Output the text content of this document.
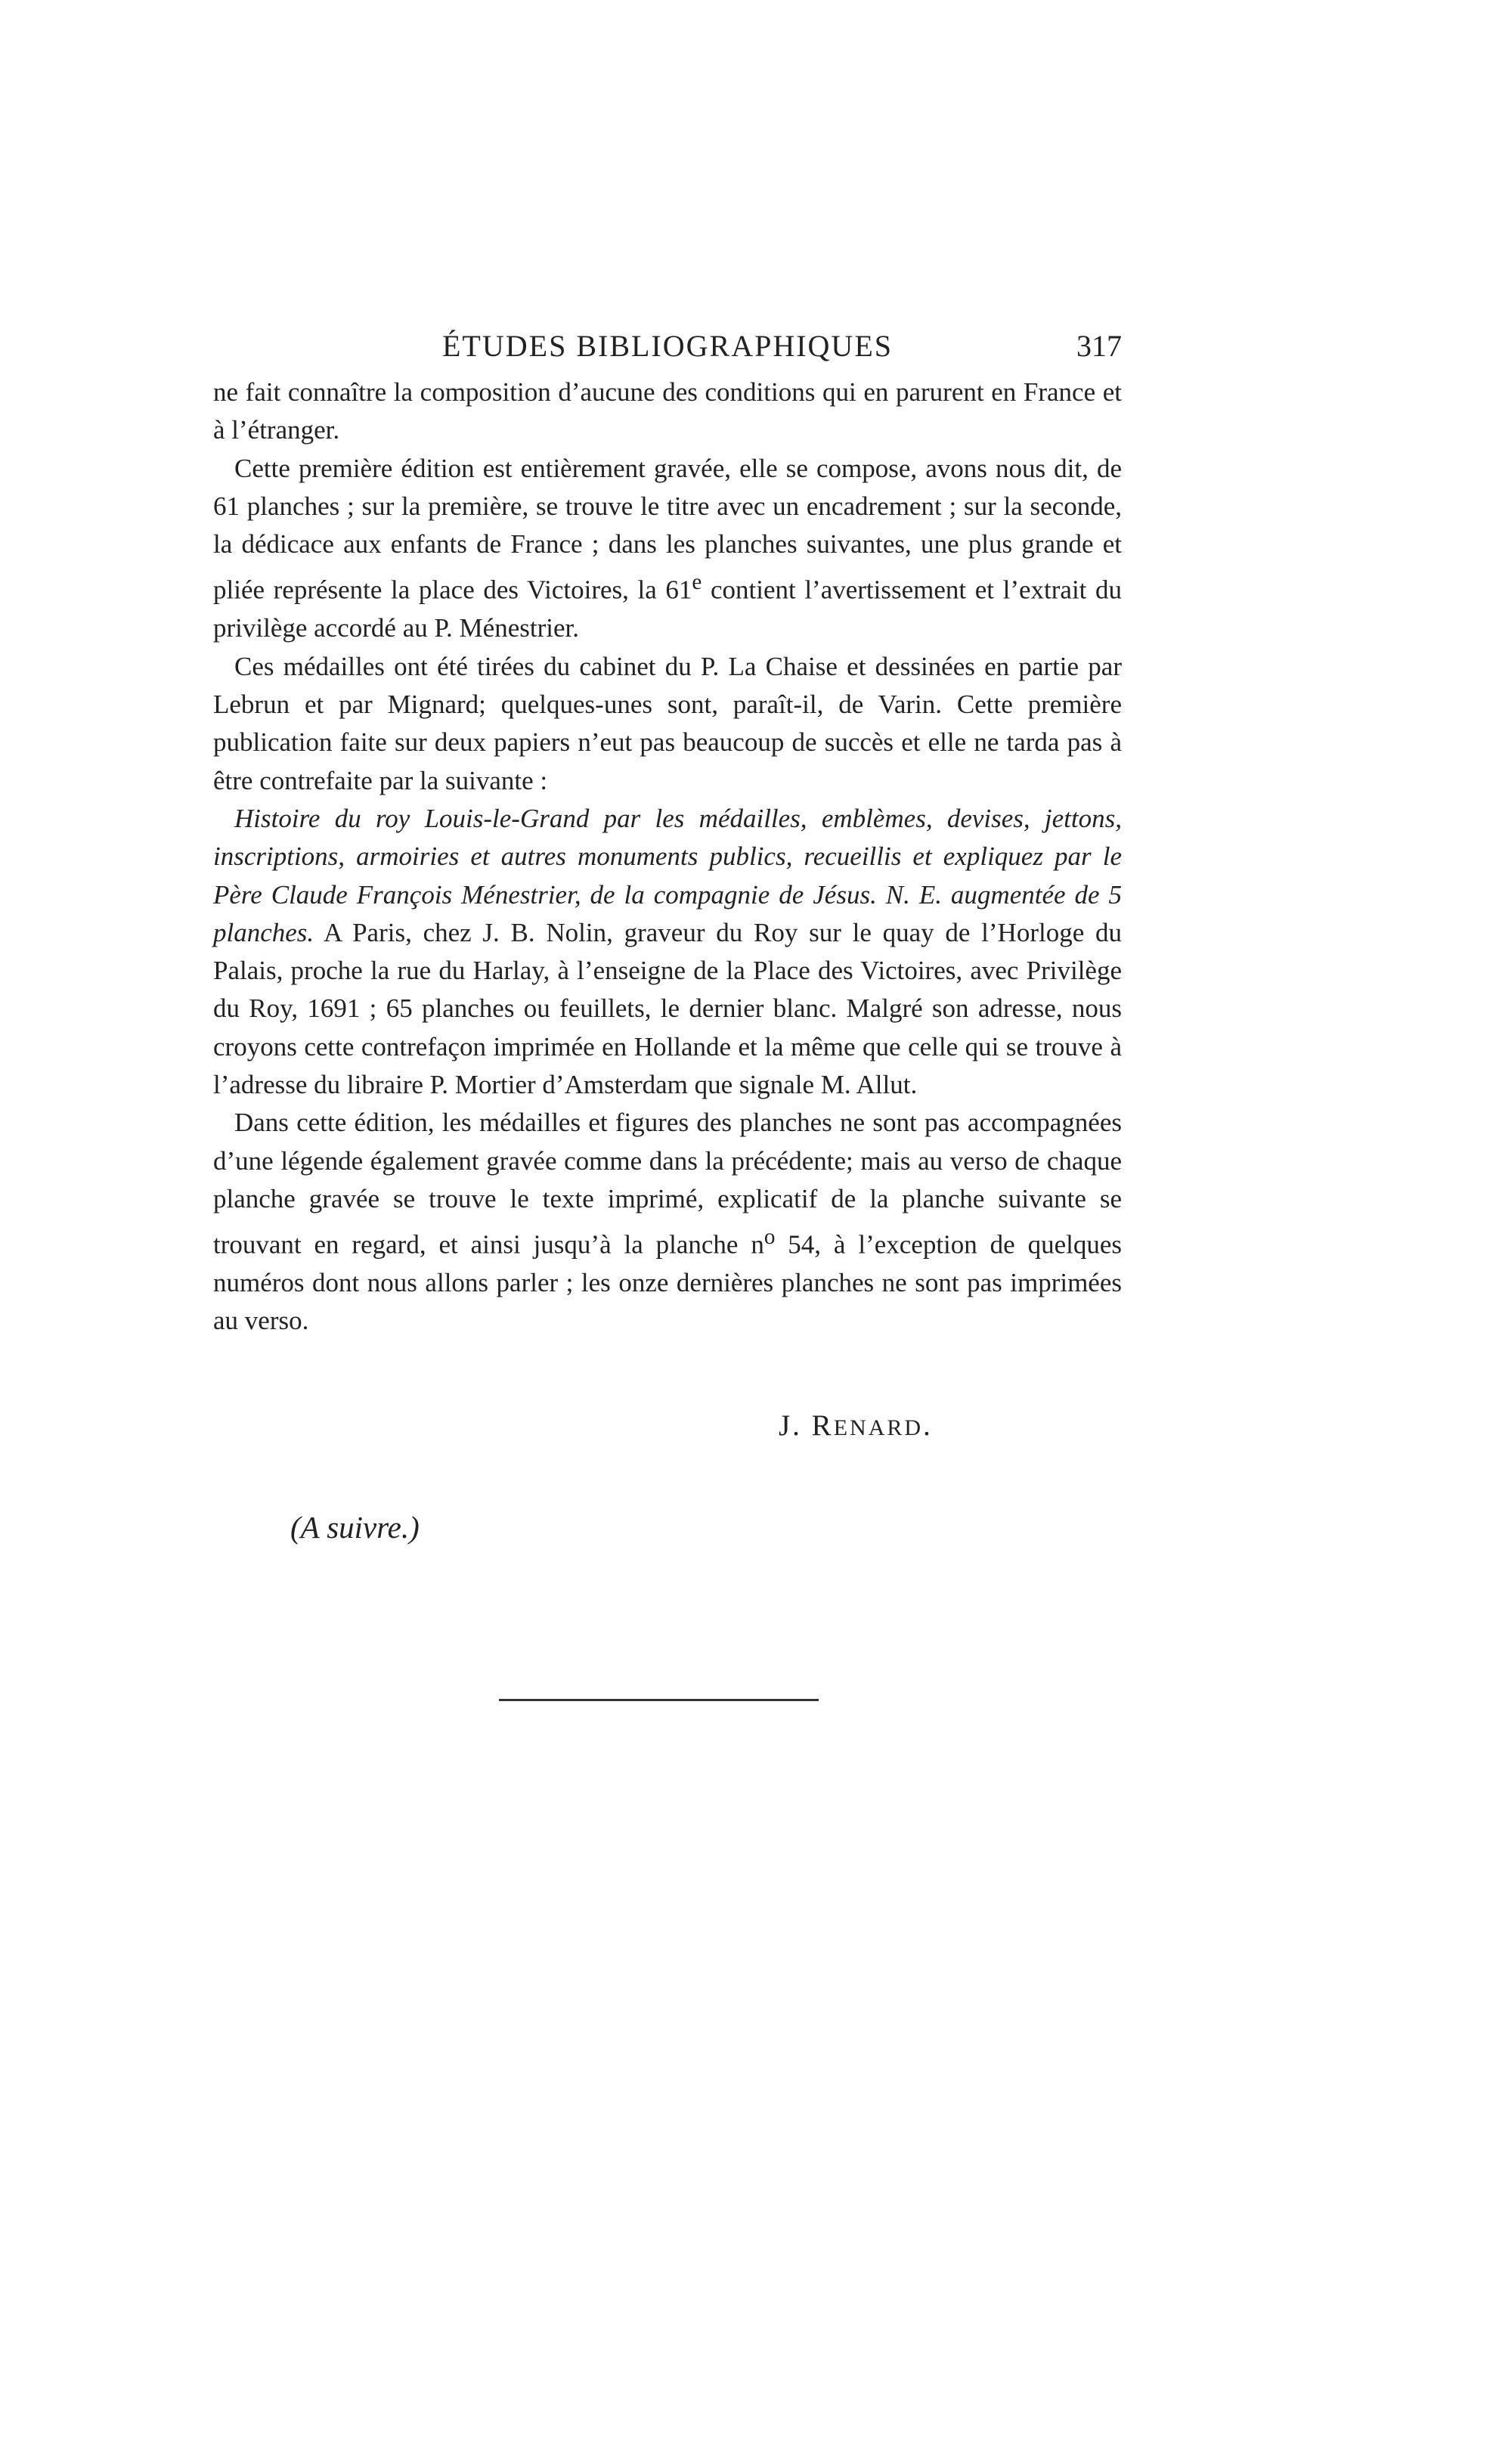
ÉTUDES BIBLIOGRAPHIQUES	317

ne fait connaître la composition d’aucune des conditions qui en parurent en France et à l’étranger.

Cette première édition est entièrement gravée, elle se compose, avons nous dit, de 61 planches ; sur la première, se trouve le titre avec un encadrement ; sur la seconde, la dédicace aux enfants de France ; dans les planches suivantes, une plus grande et pliée représente la place des Victoires, la 61e contient l’avertissement et l’extrait du privilège accordé au P. Ménestrier.

Ces médailles ont été tirées du cabinet du P. La Chaise et dessinées en partie par Lebrun et par Mignard; quelques-unes sont, paraît-il, de Varin. Cette première publication faite sur deux papiers n’eut pas beaucoup de succès et elle ne tarda pas à être contrefaite par la suivante :

Histoire du roy Louis-le-Grand par les médailles, emblèmes, devises, jettons, inscriptions, armoiries et autres monuments publics, recueillis et expliquez par le Père Claude François Ménestrier, de la compagnie de Jésus. N. E. augmentée de 5 planches. A Paris, chez J. B. Nolin, graveur du Roy sur le quay de l’Horloge du Palais, proche la rue du Harlay, à l’enseigne de la Place des Victoires, avec Privilège du Roy, 1691 ; 65 planches ou feuillets, le dernier blanc. Malgré son adresse, nous croyons cette contrefaçon imprimée en Hollande et la même que celle qui se trouve à l’adresse du libraire P. Mortier d’Amsterdam que signale M. Allut.

Dans cette édition, les médailles et figures des planches ne sont pas accompagnées d’une légende également gravée comme dans la précédente; mais au verso de chaque planche gravée se trouve le texte imprimé, explicatif de la planche suivante se trouvant en regard, et ainsi jusqu’à la planche $n^o$ 54, à l’exception de quelques numéros dont nous allons parler ; les onze dernières planches ne sont pas imprimées au verso.

J. RENARD.
(A suivre.)
